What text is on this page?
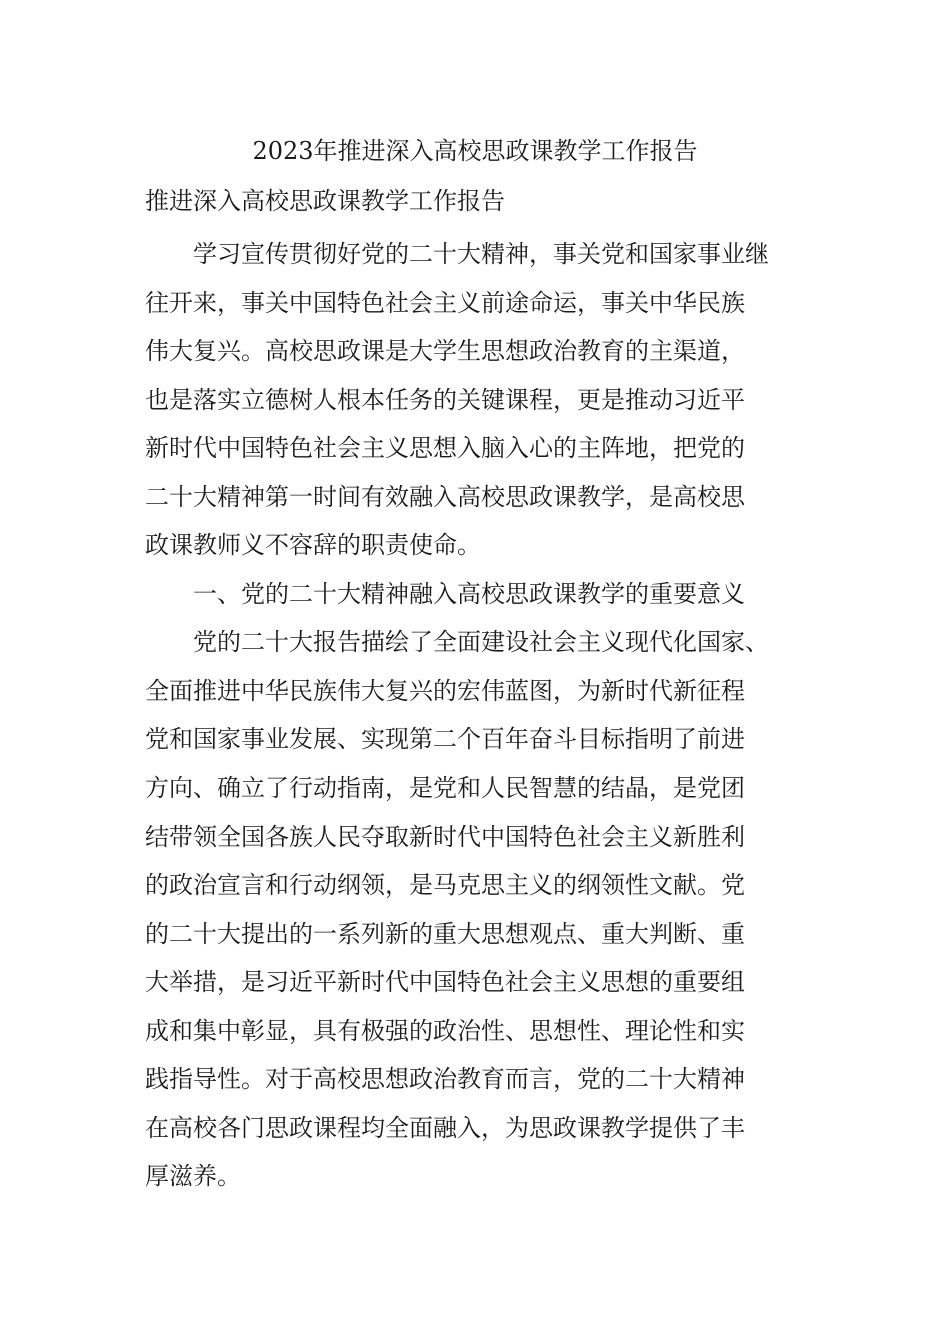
2023年推进深入高校思政课教学工作报告
推进深入高校思政课教学工作报告
　　学习宣传贯彻好党的二十大精神，事关党和国家事业继
往开来，事关中国特色社会主义前途命运，事关中华民族
伟大复兴。高校思政课是大学生思想政治教育的主渠道，
也是落实立德树人根本任务的关键课程，更是推动习近平
新时代中国特色社会主义思想入脑入心的主阵地，把党的
二十大精神第一时间有效融入高校思政课教学，是高校思
政课教师义不容辞的职责使命。
　　一、党的二十大精神融入高校思政课教学的重要意义
　　党的二十大报告描绘了全面建设社会主义现代化国家、
全面推进中华民族伟大复兴的宏伟蓝图，为新时代新征程
党和国家事业发展、实现第二个百年奋斗目标指明了前进
方向、确立了行动指南，是党和人民智慧的结晶，是党团
结带领全国各族人民夺取新时代中国特色社会主义新胜利
的政治宣言和行动纲领，是马克思主义的纲领性文献。党
的二十大提出的一系列新的重大思想观点、重大判断、重
大举措，是习近平新时代中国特色社会主义思想的重要组
成和集中彰显，具有极强的政治性、思想性、理论性和实
践指导性。对于高校思想政治教育而言，党的二十大精神
在高校各门思政课程均全面融入，为思政课教学提供了丰
厚滋养。
